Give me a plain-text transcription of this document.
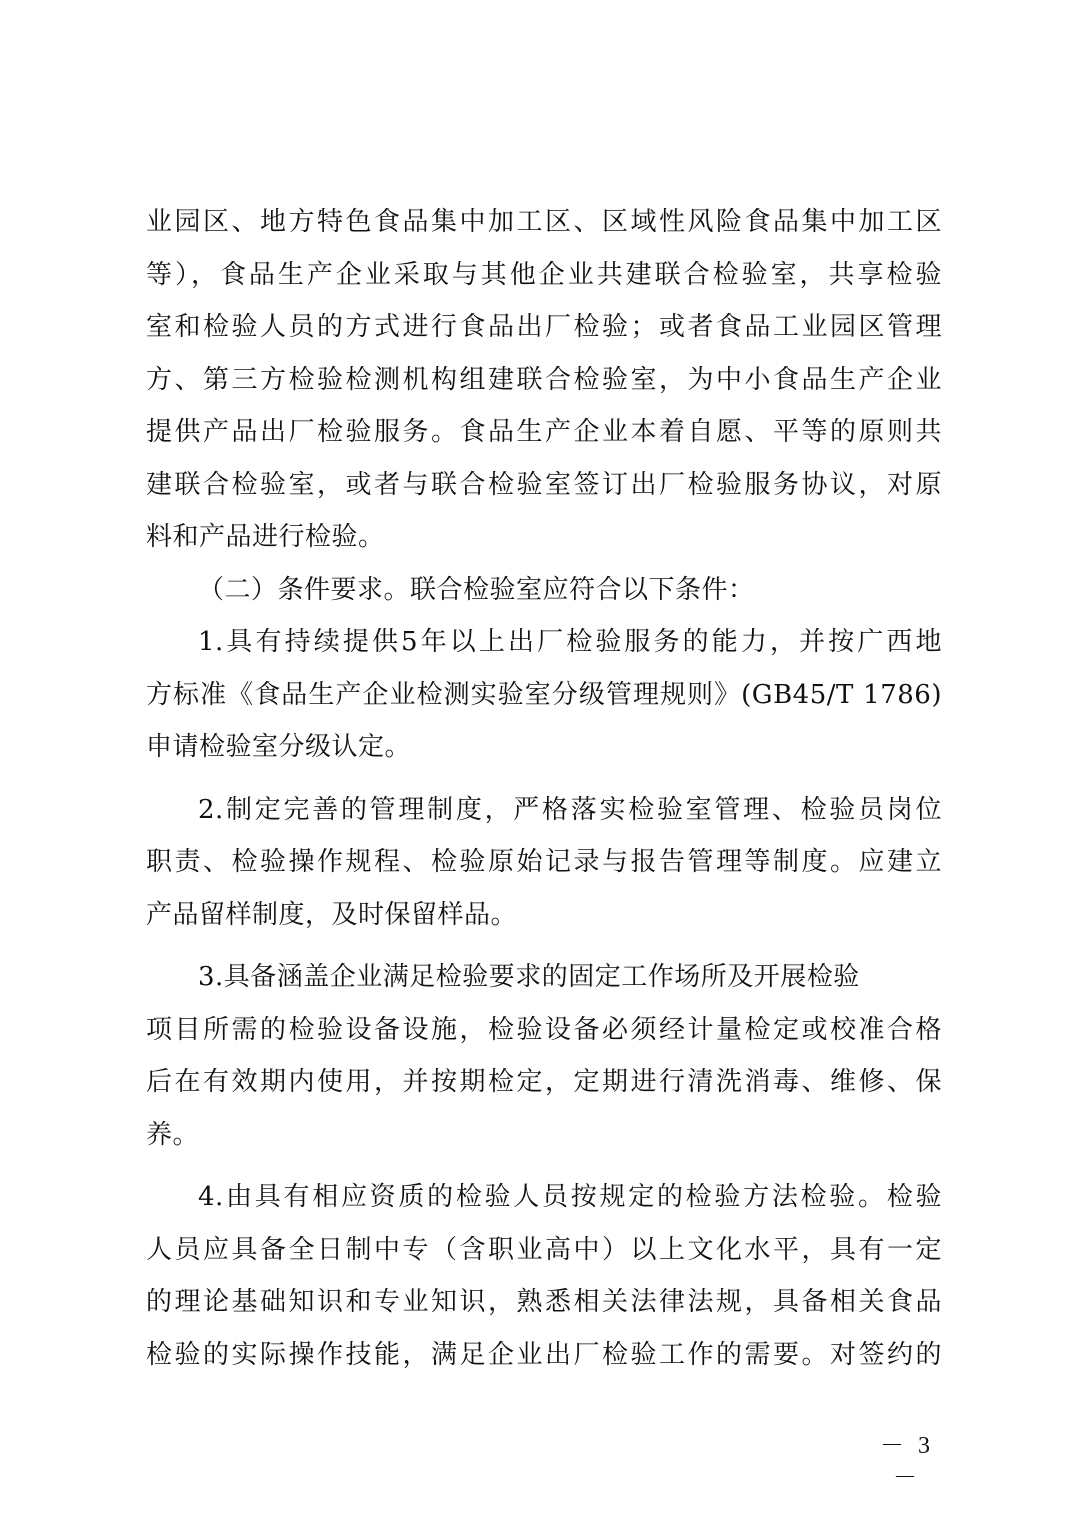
业园区、地方特色食品集中加工区、区域性风险食品集中加工区
等），食品生产企业采取与其他企业共建联合检验室，共享检验
室和检验人员的方式进行食品出厂检验；或者食品工业园区管理
方、第三方检验检测机构组建联合检验室，为中小食品生产企业
提供产品出厂检验服务。食品生产企业本着自愿、平等的原则共
建联合检验室，或者与联合检验室签订出厂检验服务协议，对原
料和产品进行检验。
（二）条件要求。联合检验室应符合以下条件：
1.具有持续提供5年以上出厂检验服务的能力，并按广西地
方标准《食品生产企业检测实验室分级管理规则》(GB45/T 1786)
申请检验室分级认定。
2.制定完善的管理制度，严格落实检验室管理、检验员岗位
职责、检验操作规程、检验原始记录与报告管理等制度。应建立
产品留样制度，及时保留样品。
3.具备涵盖企业满足检验要求的固定工作场所及开展检验
项目所需的检验设备设施，检验设备必须经计量检定或校准合格
后在有效期内使用，并按期检定，定期进行清洗消毒、维修、保
养。
4.由具有相应资质的检验人员按规定的检验方法检验。检验
人员应具备全日制中专（含职业高中）以上文化水平，具有一定
的理论基础知识和专业知识，熟悉相关法律法规，具备相关食品
检验的实际操作技能，满足企业出厂检验工作的需要。对签约的
－ 3 －
